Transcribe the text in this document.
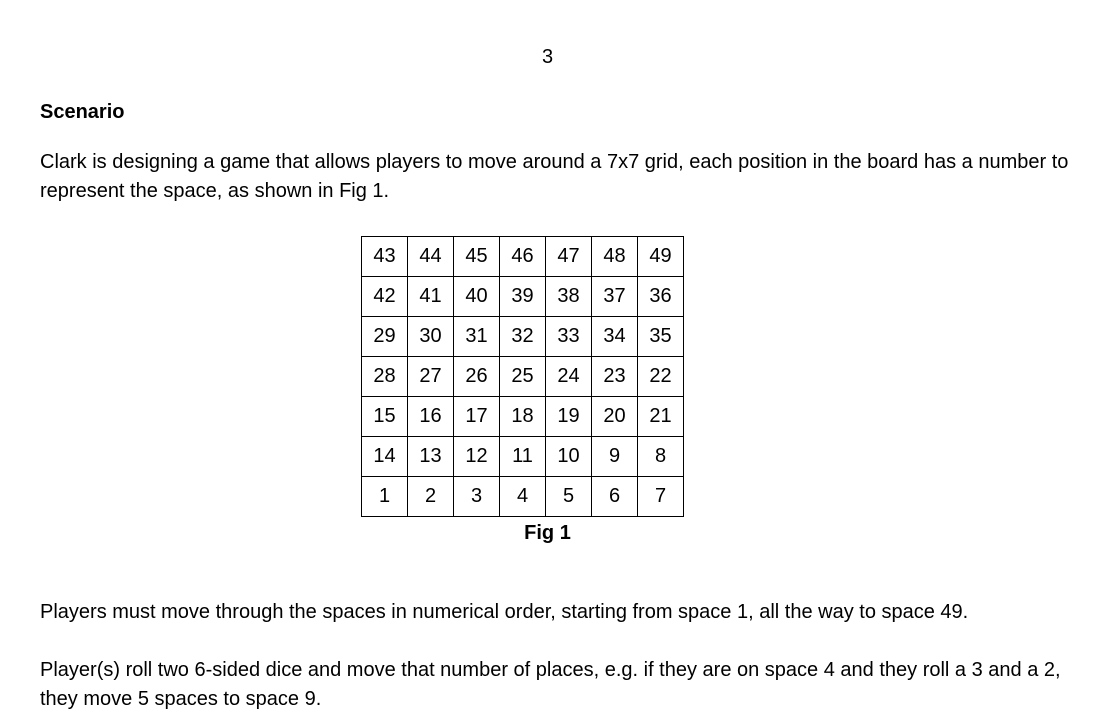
3
Scenario
Clark is designing a game that allows players to move around a 7x7 grid, each position in the board has a number to represent the space, as shown in Fig 1.
43	44	45	46	47	48	49
42	41	40	39	38	37	36
29	30	31	32	33	34	35
28	27	26	25	24	23	22
15	16	17	18	19	20	21
14	13	12	11	10	9	8
1	2	3	4	5	6	7
Fig 1
Players must move through the spaces in numerical order, starting from space 1, all the way to space 49.
Player(s) roll two 6-sided dice and move that number of places, e.g. if they are on space 4 and they roll a 3 and a 2, they move 5 spaces to space 9.
